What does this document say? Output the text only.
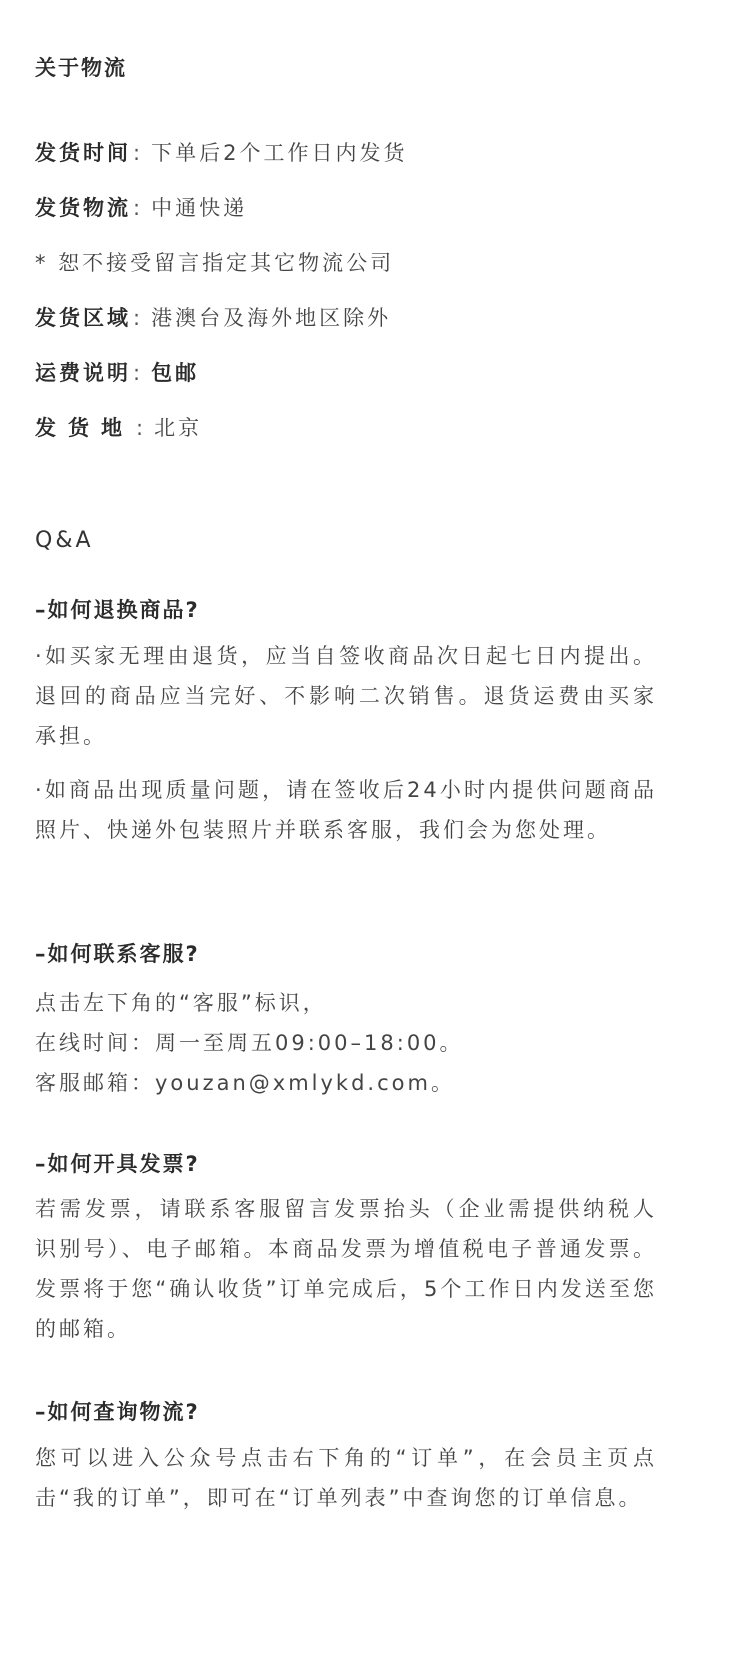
关于物流
发货时间: 下单后2个工作日内发货
发货物流: 中通快递
* 恕不接受留言指定其它物流公司
发货区域: 港澳台及海外地区除外
运费说明: 包邮
发货地: 北京
Q&A
–如何退换商品?
·如买家无理由退货，应当自签收商品次日起七日内提出。退回的商品应当完好、不影响二次销售。退货运费由买家承担。
·如商品出现质量问题，请在签收后24小时内提供问题商品照片、快递外包装照片并联系客服，我们会为您处理。
–如何联系客服?
点击左下角的“客服”标识，
在线时间：周一至周五09:00–18:00。
客服邮箱：youzan@xmlykd.com。
–如何开具发票?
若需发票，请联系客服留言发票抬头（企业需提供纳税人识别号）、电子邮箱。本商品发票为增值税电子普通发票。发票将于您“确认收货”订单完成后，5个工作日内发送至您的邮箱。
–如何查询物流?
您可以进入公众号点击右下角的“订单”，在会员主页点击“我的订单”，即可在“订单列表”中查询您的订单信息。
